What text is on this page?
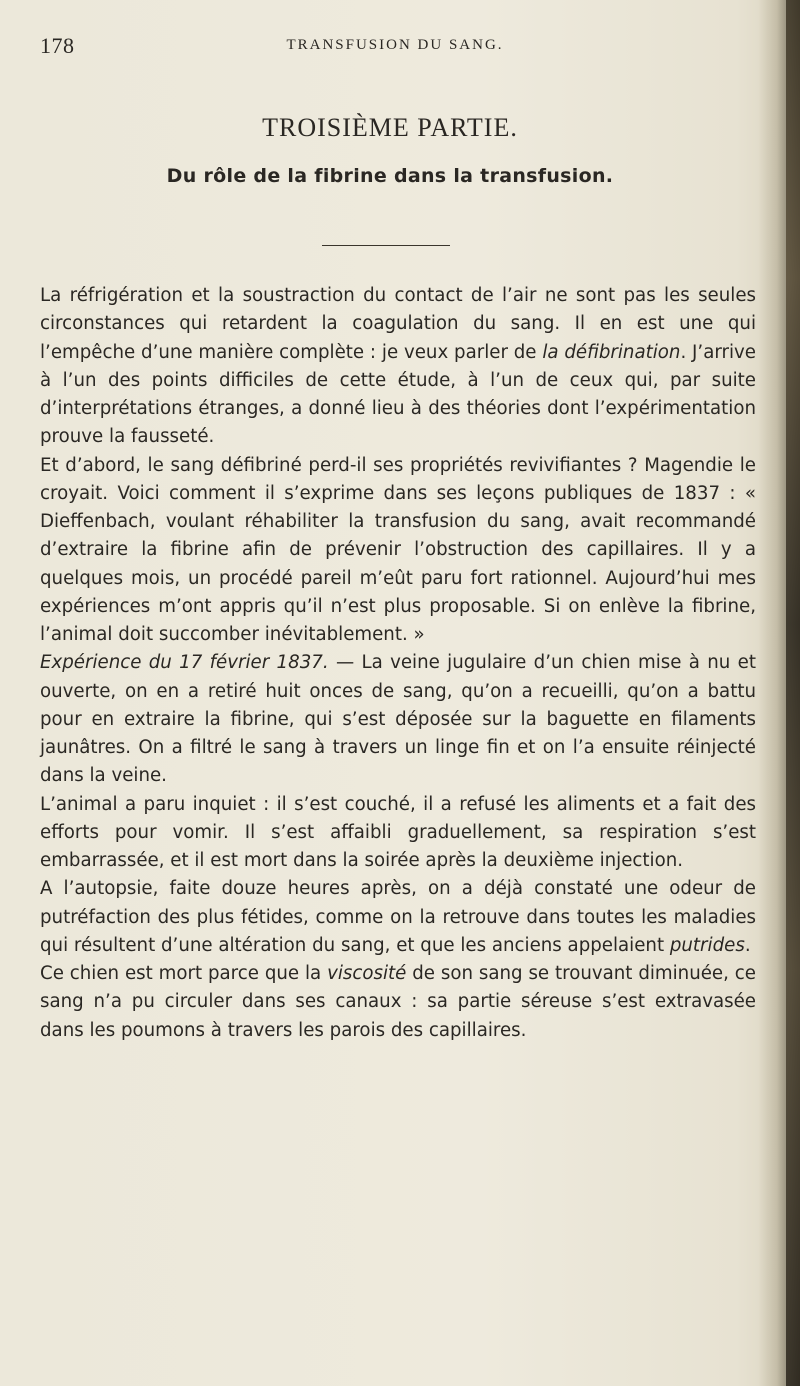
178	TRANSFUSION DU SANG.
TROISIÈME PARTIE.
Du rôle de la fibrine dans la transfusion.

La réfrigération et la soustraction du contact de l’air ne sont pas les seules circonstances qui retardent la coagulation du sang. Il en est une qui l’empêche d’une manière complète : je veux parler de la défibrination. J’arrive à l’un des points difficiles de cette étude, à l’un de ceux qui, par suite d’interprétations étranges, a donné lieu à des théories dont l’expérimentation prouve la fausseté.

Et d’abord, le sang défibriné perd-il ses propriétés revivifiantes ? Magendie le croyait. Voici comment il s’exprime dans ses leçons publiques de 1837 : « Dieffenbach, voulant réhabiliter la transfusion du sang, avait recommandé d’extraire la fibrine afin de prévenir l’obstruction des capillaires. Il y a quelques mois, un procédé pareil m’eût paru fort rationnel. Aujourd’hui mes expériences m’ont appris qu’il n’est plus proposable. Si on enlève la fibrine, l’animal doit succomber inévitablement. »

Expérience du 17 février 1837. — La veine jugulaire d’un chien mise à nu et ouverte, on en a retiré huit onces de sang, qu’on a recueilli, qu’on a battu pour en extraire la fibrine, qui s’est déposée sur la baguette en filaments jaunâtres. On a filtré le sang à travers un linge fin et on l’a ensuite réinjecté dans la veine.

L’animal a paru inquiet : il s’est couché, il a refusé les aliments et a fait des efforts pour vomir. Il s’est affaibli graduellement, sa respiration s’est embarrassée, et il est mort dans la soirée après la deuxième injection.

A l’autopsie, faite douze heures après, on a déjà constaté une odeur de putréfaction des plus fétides, comme on la retrouve dans toutes les maladies qui résultent d’une altération du sang, et que les anciens appelaient putrides.

Ce chien est mort parce que la viscosité de son sang se trouvant diminuée, ce sang n’a pu circuler dans ses canaux : sa partie séreuse s’est extravasée dans les poumons à travers les parois des capillaires.
